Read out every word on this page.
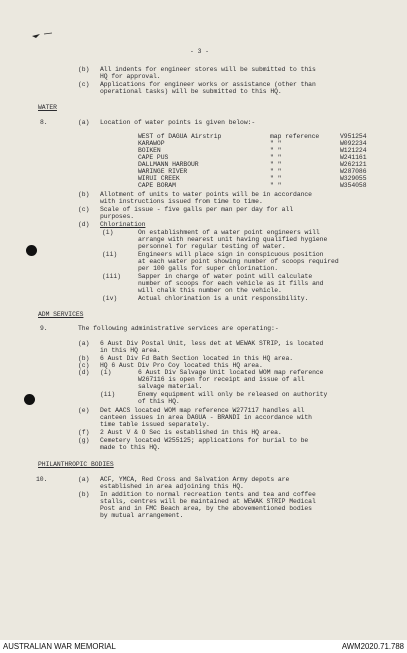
- 3 -
(b) All indents for engineer stores will be submitted to this
HQ for approval.
(c) Applications for engineer works or assistance (other than
operational tasks) will be submitted to this HQ.
WATER
8.	(a) Location of water points is given below:-
WEST of DAGUA Airstrip	map reference	V951254
KARAWOP	" "	W092234
BOIKEN	" "	W121224
CAPE PUS	" "	W241161
DALLMANN HARBOUR	" "	W262121
WARINGE RIVER	" "	W287086
WIRUI CREEK	" "	W329055
CAPE BORAM	" "	W354058
(b) Allotment of units to water points will be in accordance
with instructions issued from time to time.
(c) Scale of issue - five galls per man per day for all
purposes.
(d) Chlorination
(i)	On establishment of a water point engineers will
arrange with nearest unit having qualified hygiene
personnel for regular testing of water.
(ii)	Engineers will place sign in conspicuous position
at each water point showing number of scoops required
per 100 galls for super chlorination.
(iii)	Sapper in charge of water point will calculate
number of scoops for each vehicle as it fills and
will chalk this number on the vehicle.
(iv)	Actual chlorination is a unit responsibility.
ADM SERVICES
9.	The following administrative services are operating:-
(a) 6 Aust Div Postal Unit, less det at WEWAK STRIP, is located
in this HQ area.
(b) 6 Aust Div Fd Bath Section located in this HQ area.
(c) HQ 6 Aust Div Pro Coy located this HQ area.
(d) (i)	6 Aust Div Salvage Unit located WOM map reference
W267116 is open for receipt and issue of all
salvage material.
(ii)	Enemy equipment will only be released on authority
of this HQ.
(e) Det AACS located WOM map reference W277117 handles all
canteen issues in area DAGUA - BRANDI in accordance with
time table issued separately.
(f) 2 Aust V & O Sec is established in this HQ area.
(g) Cemetery located W255125; applications for burial to be
made to this HQ.
PHILANTHROPIC BODIES
10.	(a) ACF, YMCA, Red Cross and Salvation Army depots are
established in area adjoining this HQ.
(b) In addition to normal recreation tents and tea and coffee
stalls, centres will be maintained at WEWAK STRIP Medical
Post and in FMC Beach area, by the abovementioned bodies
by mutual arrangement.
AUSTRALIAN WAR MEMORIAL	AWM2020.71.788
